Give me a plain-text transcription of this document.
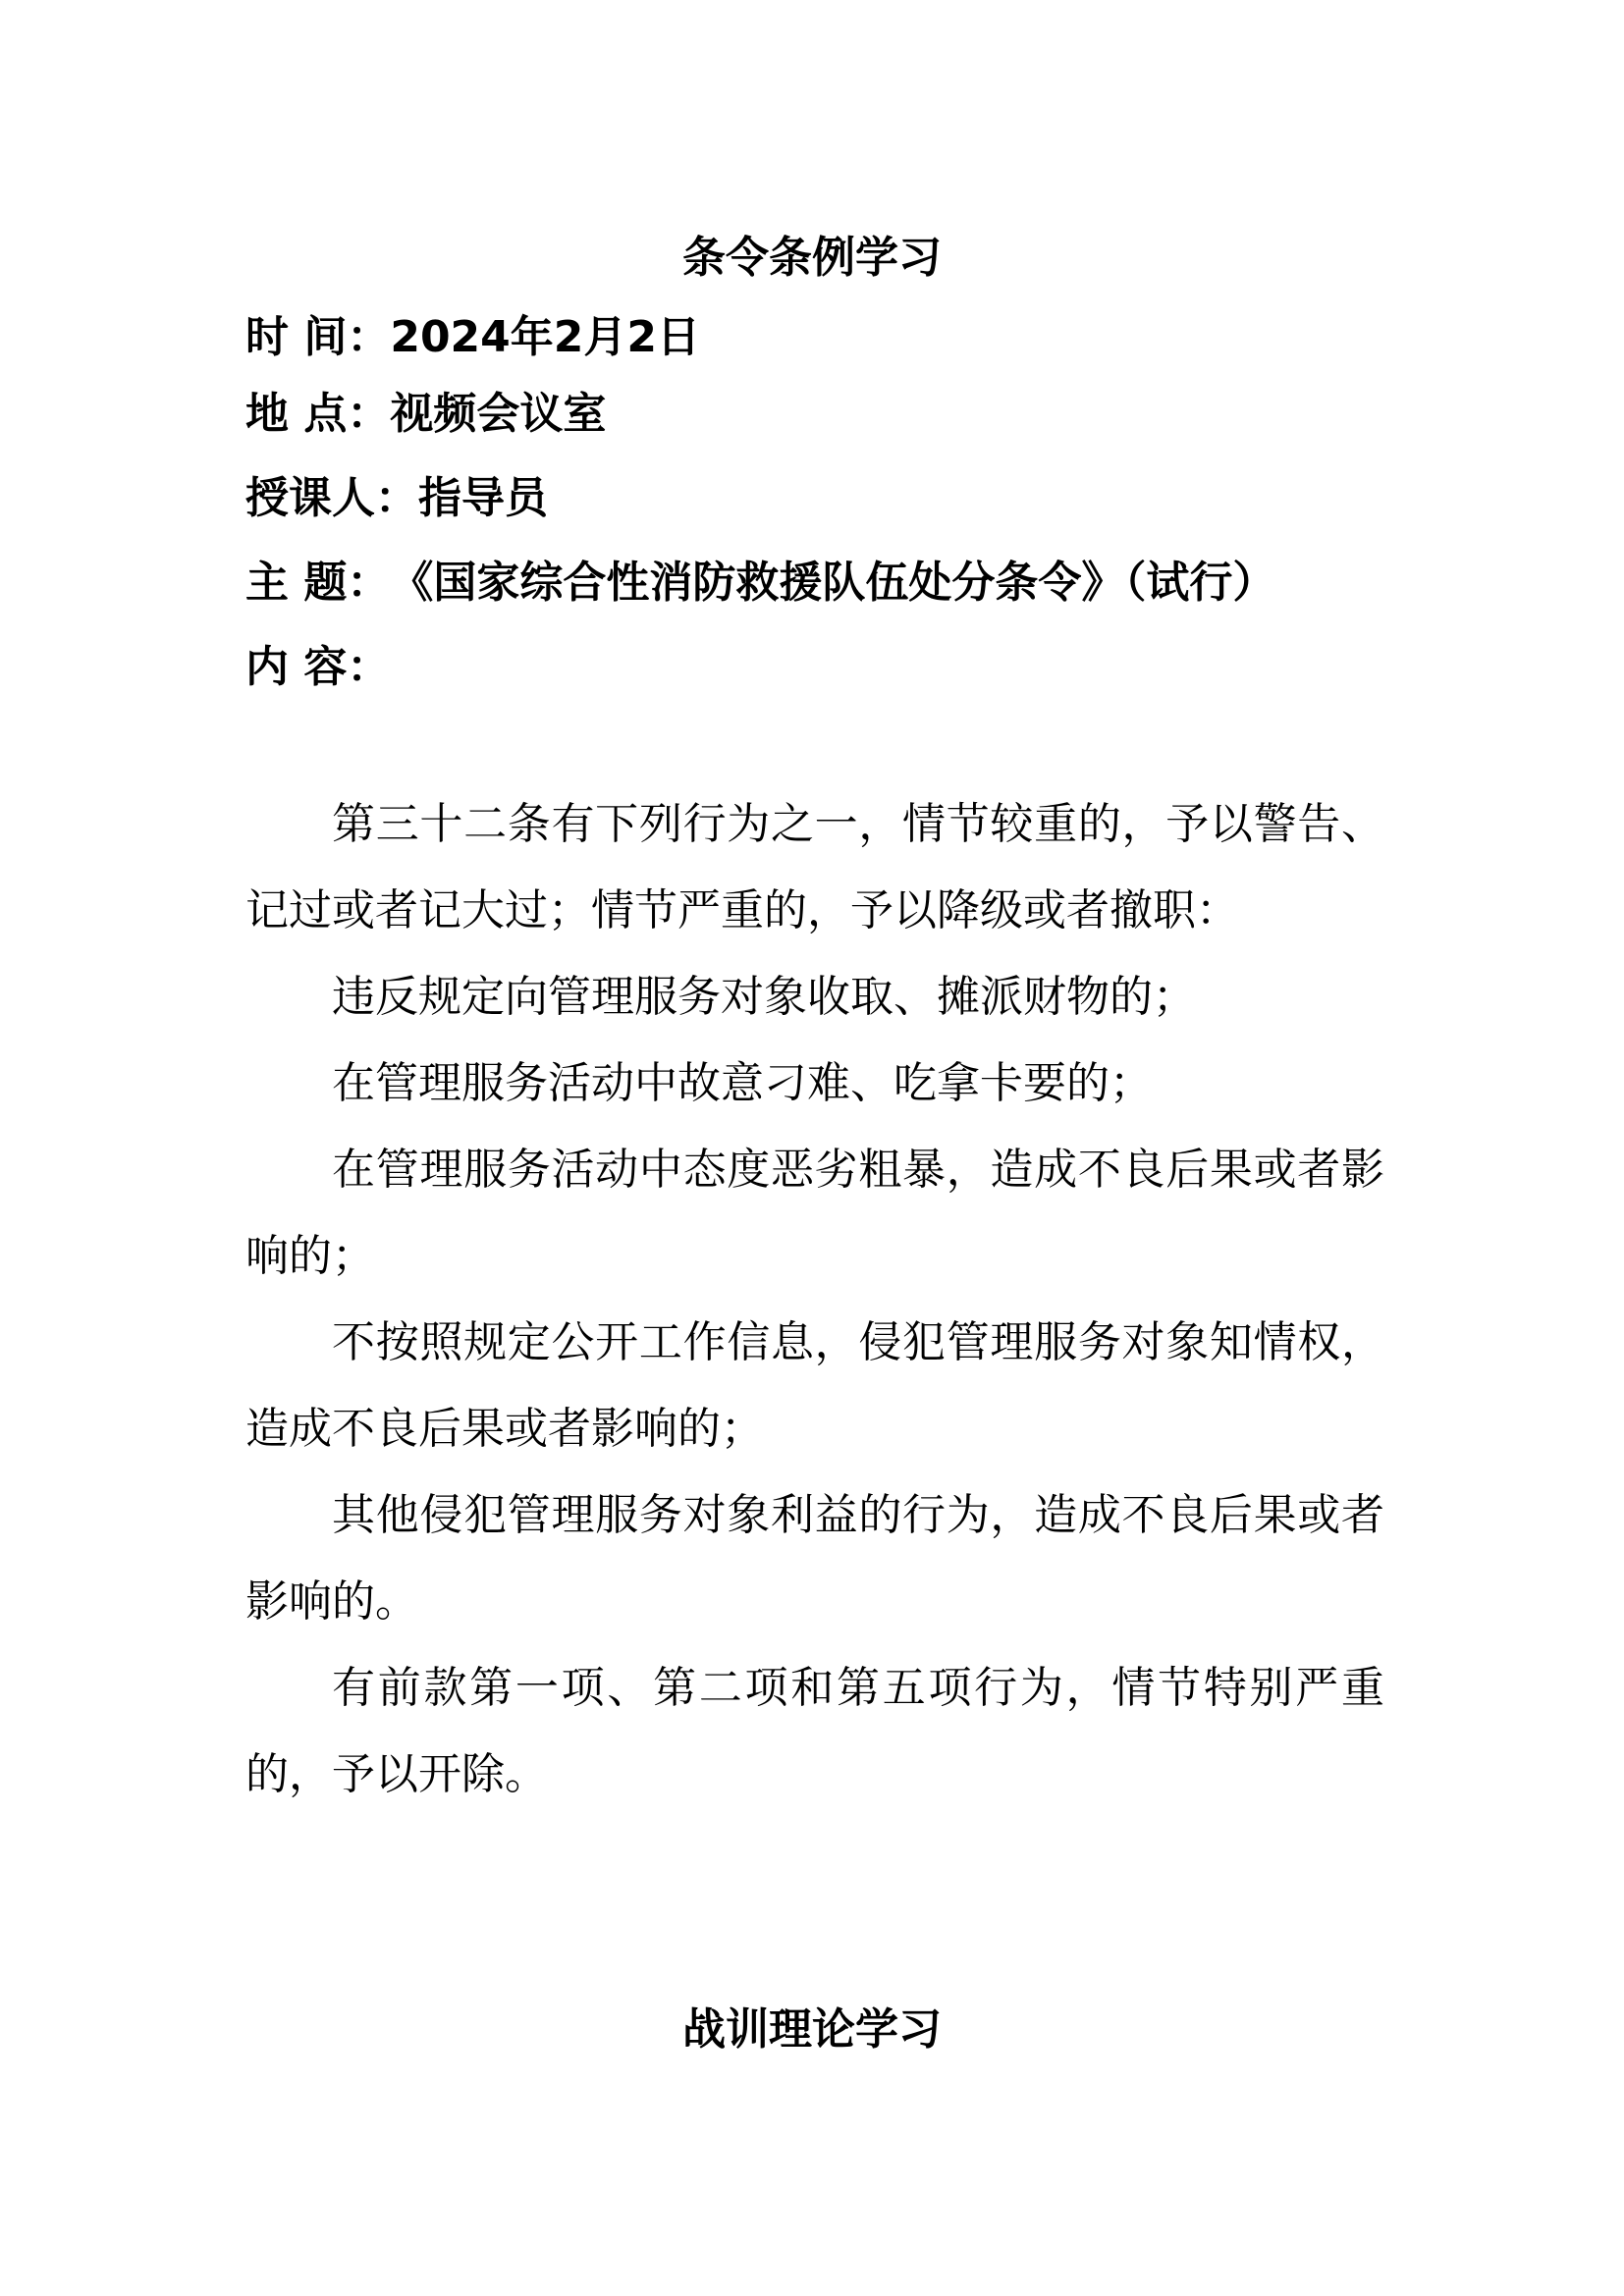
条令条例学习
时 间：2024年2月2日
地 点：视频会议室
授课人：指导员
主 题：《国家综合性消防救援队伍处分条令》（试行）
内 容：

第三十二条有下列行为之一，情节较重的，予以警告、记过或者记大过；情节严重的，予以降级或者撤职：

违反规定向管理服务对象收取、摊派财物的；

在管理服务活动中故意刁难、吃拿卡要的；

在管理服务活动中态度恶劣粗暴，造成不良后果或者影响的；

不按照规定公开工作信息，侵犯管理服务对象知情权，造成不良后果或者影响的；

其他侵犯管理服务对象利益的行为，造成不良后果或者影响的。

有前款第一项、第二项和第五项行为，情节特别严重的，予以开除。

战训理论学习
